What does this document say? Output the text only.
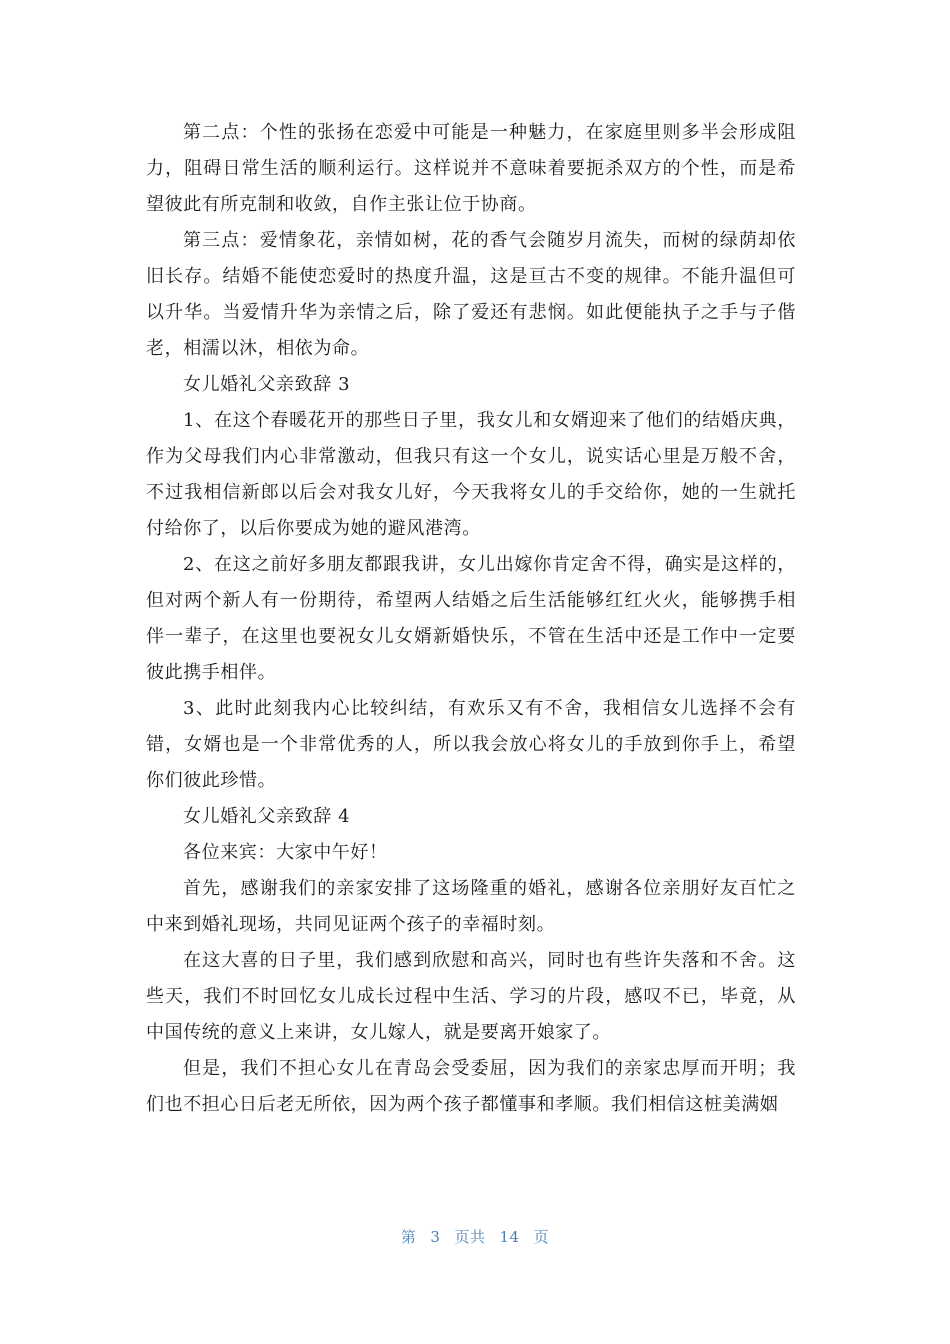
第二点：个性的张扬在恋爱中可能是一种魅力，在家庭里则多半会形成阻力，阻碍日常生活的顺利运行。这样说并不意味着要扼杀双方的个性，而是希望彼此有所克制和收敛，自作主张让位于协商。

第三点：爱情象花，亲情如树，花的香气会随岁月流失，而树的绿荫却依旧长存。结婚不能使恋爱时的热度升温，这是亘古不变的规律。不能升温但可以升华。当爱情升华为亲情之后，除了爱还有悲悯。如此便能执子之手与子偕老，相濡以沐，相依为命。

女儿婚礼父亲致辞 3

1、在这个春暖花开的那些日子里，我女儿和女婿迎来了他们的结婚庆典，作为父母我们内心非常激动，但我只有这一个女儿，说实话心里是万般不舍，不过我相信新郎以后会对我女儿好，今天我将女儿的手交给你，她的一生就托付给你了，以后你要成为她的避风港湾。

2、在这之前好多朋友都跟我讲，女儿出嫁你肯定舍不得，确实是这样的，但对两个新人有一份期待，希望两人结婚之后生活能够红红火火，能够携手相伴一辈子，在这里也要祝女儿女婿新婚快乐，不管在生活中还是工作中一定要彼此携手相伴。

3、此时此刻我内心比较纠结，有欢乐又有不舍，我相信女儿选择不会有错，女婿也是一个非常优秀的人，所以我会放心将女儿的手放到你手上，希望你们彼此珍惜。

女儿婚礼父亲致辞 4

各位来宾：大家中午好！

首先，感谢我们的亲家安排了这场隆重的婚礼，感谢各位亲朋好友百忙之中来到婚礼现场，共同见证两个孩子的幸福时刻。

在这大喜的日子里，我们感到欣慰和高兴，同时也有些许失落和不舍。这些天，我们不时回忆女儿成长过程中生活、学习的片段，感叹不已，毕竟，从中国传统的意义上来讲，女儿嫁人，就是要离开娘家了。

但是，我们不担心女儿在青岛会受委屈，因为我们的亲家忠厚而开明；我们也不担心日后老无所依，因为两个孩子都懂事和孝顺。我们相信这桩美满姻

第 3 页共 14 页
